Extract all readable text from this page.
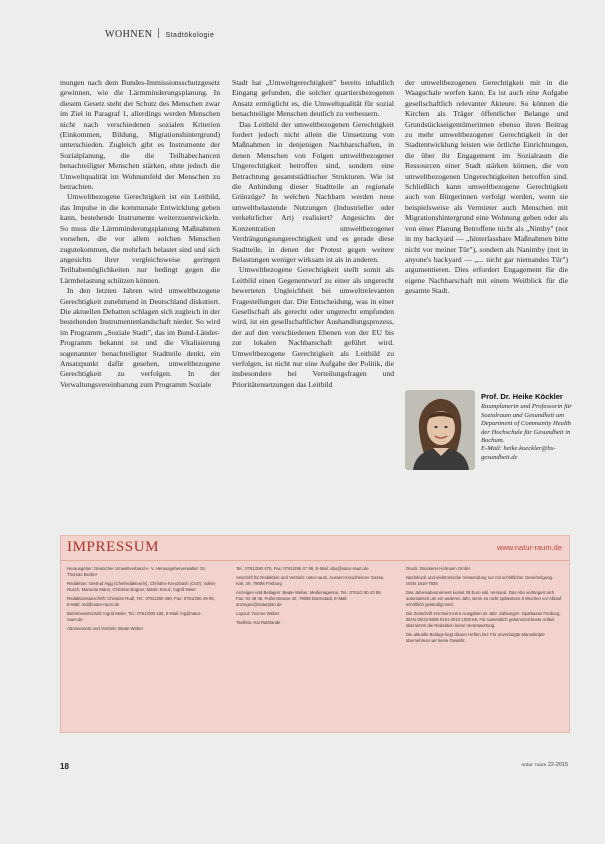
WOHNEN Stadtökologie

mungen nach dem Bundes-Immissionsschutzgesetz gewinnen, wie die Lärmminderungsplanung. In diesem Gesetz steht der Schutz des Menschen zwar im Ziel in Paragraf 1, allerdings werden Menschen nicht nach verschiedenen sozialen Kriterien (Einkommen, Bildung, Migrationshintergrund) unterschieden. Zugleich gibt es Instrumente der Sozialplanung, die die Teilhabechancen benachteiligter Menschen stärken, ohne jedoch die Umweltqualität im Wohnumfeld der Menschen zu betrachten.

Umweltbezogene Gerechtigkeit ist ein Leitbild, das Impulse in die kommunale Entwicklung geben kann, bestehende Instrumente weiterzuentwickeln. So muss die Lärmminderungsplanung Maßnahmen vorsehen, die vor allem solchen Menschen zugutekommen, die mehrfach belastet sind und sich angesichts ihrer vergleichsweise geringen Teilhabemöglichkeiten nur bedingt gegen die Lärmbelastung schützen können.

In den letzten Jahren wird umweltbezogene Gerechtigkeit zunehmend in Deutschland diskutiert. Die aktuellen Debatten schlagen sich zugleich in der bestehenden Instrumentenlandschaft nieder. So wird im Programm „Soziale Stadt", das im Bund-Länder-Programm bekannt ist und die Vitalisierung sogenannter benachteiligter Stadtteile denkt, ein Ansatzpunkt dafür gesehen, umweltbezogene Gerechtigkeit zu verfolgen. In der Verwaltungsvereinbarung zum Programm Soziale

Stadt hat „Umweltgerechtigkeit" bereits inhaltlich Eingang gefunden, die solcher quartiersbezogenen Ansatz ermöglicht es, die Umweltqualität für sozial benachteiligte Menschen deutlich zu verbessern.

Das Leitbild der umweltbezogenen Gerechtigkeit fordert jedoch nicht allein die Umsetzung von Maßnahmen in denjenigen Nachbarschaften, in denen Menschen von Folgen umweltbezogener Ungerechtigkeit betroffen sind, sondern eine Betrachtung gesamtstädtischer Strukturen. Wie ist die Anbindung dieser Stadtteile an regionale Grünzüge? In welchen Nachbarn werden neue umweltbelastende Nutzungen (Industrieller oder verkehrlicher Art) realisiert? Angesichts der Konzentration umweltbezogener Verdrängungsungerechtigkeit und es gerade diese Stadtteile, in denen der Protest gegen weitere Belastungen weniger wirksam ist als in anderen.

Umweltbezogene Gerechtigkeit stellt somit als Leitbild einen Gegenentwurf zu einer als ungerecht bewerteten Ungleichheit bei umweltrelevanten Fragestellungen dar. Die Entscheidung, was in einer Gesellschaft als gerecht oder ungerecht empfunden wird, ist ein gesellschaftlicher Aushandlungsprozess, der auf den verschiedenen Ebenen von der EU bis zur lokalen Nachbarschaft geführt wird. Umweltbezogene Gerechtigkeit als Leitbild zu verfolgen, ist nicht nur eine Aufgabe der Politik, die insbesondere bei Verteilungsfragen und Prioritätensetzungen das Leitbild

der umweltbezogenen Gerechtigkeit mit in die Waagschale werfen kann. Es ist auch eine Aufgabe gesellschaftlich relevanter Akteure. So können die Kirchen als Träger öffentlicher Belange und Grundstückseigentümerinnen ebenso ihren Beitrag zu mehr umweltbezogener Gerechtigkeit in der Stadtentwicklung leisten wie örtliche Einrichtungen, die über ihr Engagement im Sozialraum die Ressourcen einer Stadt stärken können, die von umweltbezogenen Ungerechtigkeiten betroffen sind. Schließlich kann umweltbezogene Gerechtigkeit auch von Bürgerinnen verfolgt werden, wenn sie beispielsweise als Vermieter auch Menschen mit Migrationshintergrund eine Wohnung geben oder als von einer Planung Betroffene nicht als „Nimby" (not in my backyard — „hinterlassbare Maßnahmen bitte nicht vor meiner Tür"), sondern als Nanimby (not in anyone's backyard — „... nicht gar niemandes Tür") argumentieren. Dies erfordert Engagement für die eigene Nachbarschaft mit einem Weitblick für die gesamte Stadt.

Prof. Dr. Heike Köckler
Raumplanerin und Professorin für Sozialraum und Gesundheit am Department of Community Health der Hochschule für Gesundheit in Bochum.
E-Mail: heike.koeckler@hs-gesundheit.de
IMPRESSUM	www.natur-raum.de

Herausgeber: Deutscher Umweltverband e. V. Herausgeberverwalter: Dr. Thomas Becker

Redaktion: Gertrud Aigg (Chefredakteurin), Christine Kreuzbach (CvD), Volker Rusch, Manuela Mann, Christine Bogner, Martin Kreuz, Ingrid Meier

Redaktionsanschrift: Christian Rudl, Tel.: 0761/290 490, Fax: 0761/290 49 99, E-Mail: red@natur-raum.de

Betriebswirtschaft: Ingrid Meier, Tel.: 0761/290 435, E-Mail: ing@natur-raum.de

Abonnement und Vertrieb: Beate Weber

Tel.: 0761/290 470, Fax: 0761/290 47 99, E-Mail: abo@natur-raum.de

Anschrift für Redaktion und Vertrieb: natur-raum, Aussen-Kreuzheimer Gasse, Kiel, 29, 79098 Freiburg

Anzeigen und Beilagen: Beate Weber, Medienagentur, Tel.: 0761/2 90 43 55, Fax: 04 49 46, Pullenstrasse 40, 79098 Darmstadt, E-Mail: anzeigen@naturplan.de

Layout: Yvonne Weber

Titelfoto: Kai Rathlande

Druck: Druckerei Hofmann GmbH

Nachdruck und elektronische Verwendung nur mit schriftlicher Genehmigung. ISSN 1610-7926

Das Jahresabonnement kostet 28 Euro inkl. Versand. Das Abo verlängert sich automatisch um ein weiteres Jahr, wenn es nicht spätestens 6 Wochen vor Ablauf schriftlich gekündigt wird.

Die Zeitschrift erscheint mit 6 Ausgaben im Jahr. Zahlungen: Sparkasse Freiburg, IBAN DE24 6805 0101 0010 1020 69, Für namentlich gekennzeichnete Artikel übernimmt die Redaktion keine Verantwortung.

Die aktuelle Beilage liegt diesen Heften bei: Für unverlangte Manuskripte übernehmen wir keine Gewähr.

18	natur raum 22-2015
